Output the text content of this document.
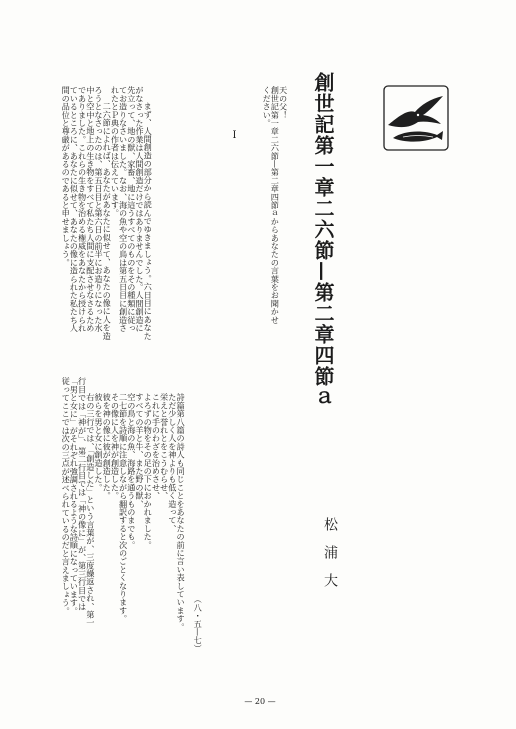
創世記第一章二六節—第二章四節ａ
天の父！
創世記第一章二六節—第二章四節ａからあなたの言葉をお聞かせ
ください。
Ⅰ
まず、人間創造の部分から読んでゆきましょう。六日目にあなた
がなさった作業は人間創造だけではありませんでした。人間創造に
先立って、地の獣、家畜、地に這うすべてのものをその種類に従っ
てお造りなさいました。なお、海の魚や空の鳥は第五日目に創造さ
れたとＰ典の作者は伝えています。
二六節によれば、あなたがあなたに似せて、あなたの像に人を造
ろうとなさったのは、第五日目と第六日の前半にお造りになった水
中と空中と地上の生き物をすべて私たち人間に支配させなさるため
でありました。これらの生き物を治める権威をあなたから授けられ
ているところに、あなたに似せて、あなたの像に造られた私たち人
間の品位と尊厳があるのであると申せましょう。
松　浦　大
詩篇第八篇の詩人も同じことをあなたの前に言い表しています。
ただ少しく人を神よりも低く造って、
栄えと誉れとをこうむらせ、
これに手のわざを治めさせ、
よろずの物をその足の下におかれました。
すべての羊と牛、また野の獣、
空の鳥と海の魚、海路を通うものまでも。
二七節を詩順に注意しながら翻訳すると次のごとくなります。
その像に人を神が創造した。
彼を神の像に彼が創造した。
彼らを男と女に創造した。
右の三行では、「創造した」という言葉が、三度繰返され、第一
行目では「神が」、第二行目では「神の像に」が、第三行目では
「男と女に」がそれぞれ強調されるような詩順になっています。
従ってここでは次の三点が述べられているのだと言えましょう。
（八・五—七）
— 20 —
